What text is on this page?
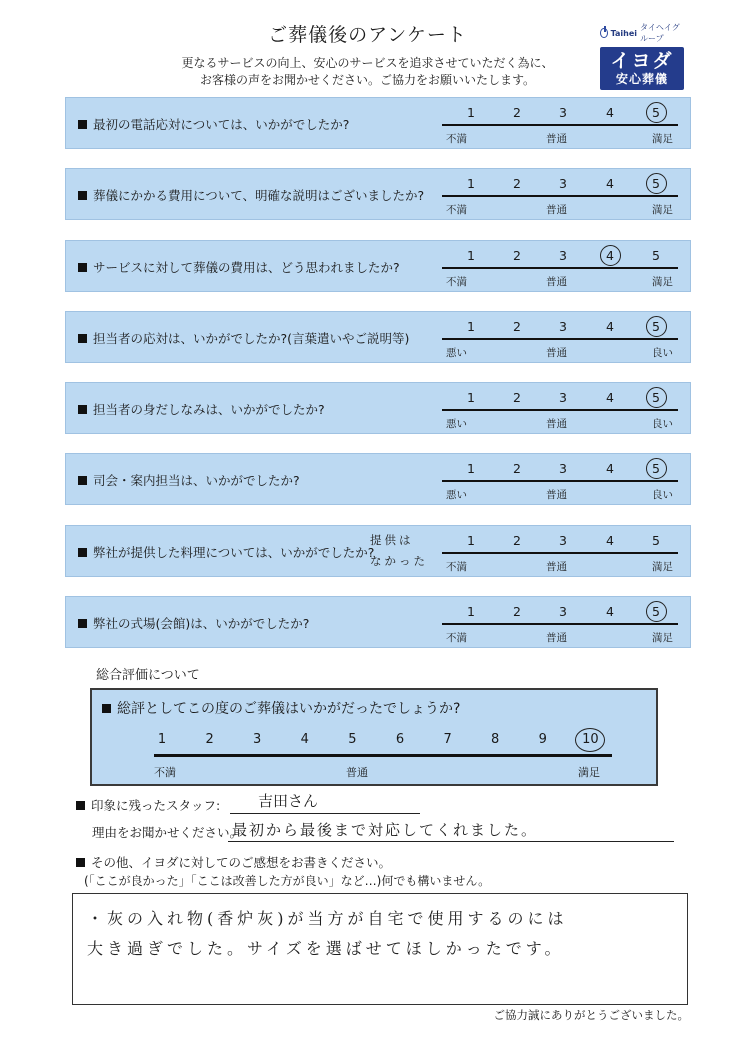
ご葬儀後のアンケート
更なるサービスの向上、安心のサービスを追求させていただく為に、
お客様の声をお聞かせください。ご協力をお願いいたします。
Taihei
タイヘイグループ
イヨダ
安心葬儀
最初の電話応対については、いかがでしたか?
1	2	3	4	5
不満	普通	満足
葬儀にかかる費用について、明確な説明はございましたか?
1	2	3	4	5
不満	普通	満足
サービスに対して葬儀の費用は、どう思われましたか?
1	2	3	4	5
不満	普通	満足
担当者の応対は、いかがでしたか?(言葉遣いやご説明等)
1	2	3	4	5
悪い	普通	良い
担当者の身だしなみは、いかがでしたか?
1	2	3	4	5
悪い	普通	良い
司会・案内担当は、いかがでしたか?
1	2	3	4	5
悪い	普通	良い
弊社が提供した料理については、いかがでしたか?
提供は
なかった
1	2	3	4	5
不満	普通	満足
弊社の式場(会館)は、いかがでしたか?
1	2	3	4	5
不満	普通	満足
総合評価について
総評としてこの度のご葬儀はいかがだったでしょうか?
1	2	3	4	5	6	7	8	9	10
不満	普通	満足
印象に残ったスタッフ:	吉田さん
理由をお聞かせください。
最初から最後まで対応してくれました。
その他、イヨダに対してのご感想をお書きください。
(「ここが良かった」「ここは改善した方が良い」など…)何でも構いません。
・灰の入れ物(香炉灰)が当方が自宅で使用するのには
大き過ぎでした。サイズを選ばせてほしかったです。
ご協力誠にありがとうございました。
